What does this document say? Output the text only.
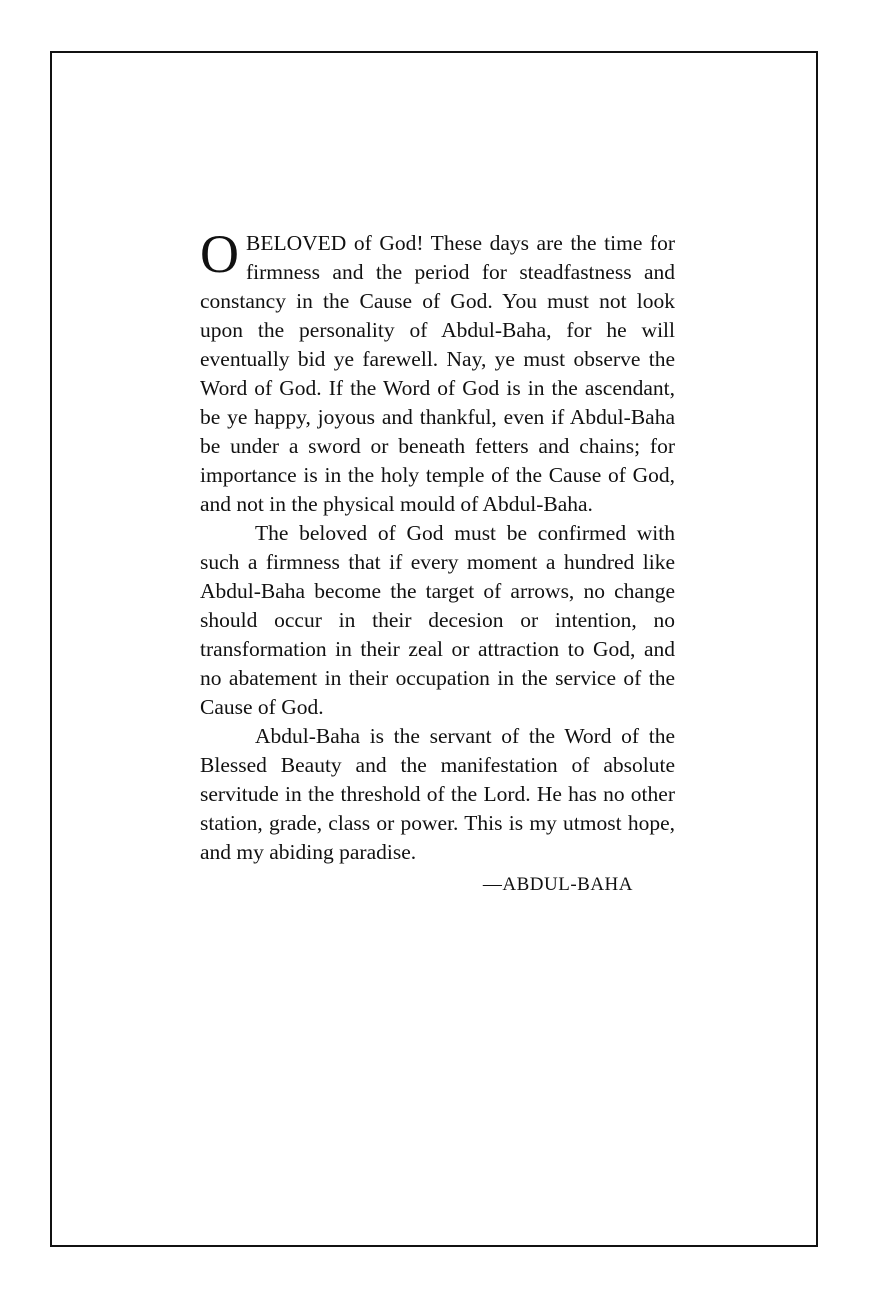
O BELOVED of God! These days are the time for firmness and the period for steadfastness and constancy in the Cause of God. You must not look upon the personality of Abdul-Baha, for he will eventually bid ye farewell. Nay, ye must observe the Word of God. If the Word of God is in the ascendant, be ye happy, joyous and thankful, even if Abdul-Baha be under a sword or beneath fetters and chains; for importance is in the holy temple of the Cause of God, and not in the physical mould of Abdul-Baha.

The beloved of God must be confirmed with such a firmness that if every moment a hundred like Abdul-Baha become the target of arrows, no change should occur in their decesion or intention, no transformation in their zeal or attraction to God, and no abatement in their occupation in the service of the Cause of God.

Abdul-Baha is the servant of the Word of the Blessed Beauty and the manifestation of absolute servitude in the threshold of the Lord. He has no other station, grade, class or power. This is my utmost hope, and my abiding paradise.

—ABDUL-BAHA
